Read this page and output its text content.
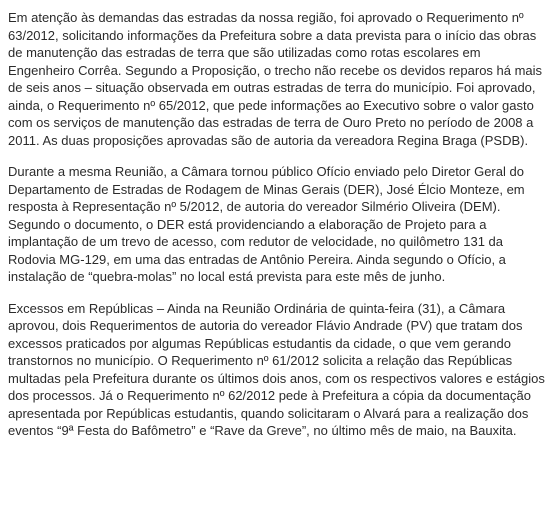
Em atenção às demandas das estradas da nossa região, foi aprovado o Requerimento nº 63/2012, solicitando informações da Prefeitura sobre a data prevista para o início das obras de manutenção das estradas de terra que são utilizadas como rotas escolares em Engenheiro Corrêa. Segundo a Proposição, o trecho não recebe os devidos reparos há mais de seis anos – situação observada em outras estradas de terra do município. Foi aprovado, ainda, o Requerimento nº 65/2012, que pede informações ao Executivo sobre o valor gasto com os serviços de manutenção das estradas de terra de Ouro Preto no período de 2008 a 2011. As duas proposições aprovadas são de autoria da vereadora Regina Braga (PSDB).

Durante a mesma Reunião, a Câmara tornou público Ofício enviado pelo Diretor Geral do Departamento de Estradas de Rodagem de Minas Gerais (DER), José Élcio Monteze, em resposta à Representação nº 5/2012, de autoria do vereador Silmério Oliveira (DEM). Segundo o documento, o DER está providenciando a elaboração de Projeto para a implantação de um trevo de acesso, com redutor de velocidade, no quilômetro 131 da Rodovia MG-129, em uma das entradas de Antônio Pereira. Ainda segundo o Ofício, a instalação de “quebra-molas” no local está prevista para este mês de junho.

Excessos em Repúblicas – Ainda na Reunião Ordinária de quinta-feira (31), a Câmara aprovou, dois Requerimentos de autoria do vereador Flávio Andrade (PV) que tratam dos excessos praticados por algumas Repúblicas estudantis da cidade, o que vem gerando transtornos no município. O Requerimento nº 61/2012 solicita a relação das Repúblicas multadas pela Prefeitura durante os últimos dois anos, com os respectivos valores e estágios dos processos. Já o Requerimento nº 62/2012 pede à Prefeitura a cópia da documentação apresentada por Repúblicas estudantis, quando solicitaram o Alvará para a realização dos eventos “9ª Festa do Bafômetro” e “Rave da Greve”, no último mês de maio, na Bauxita.
